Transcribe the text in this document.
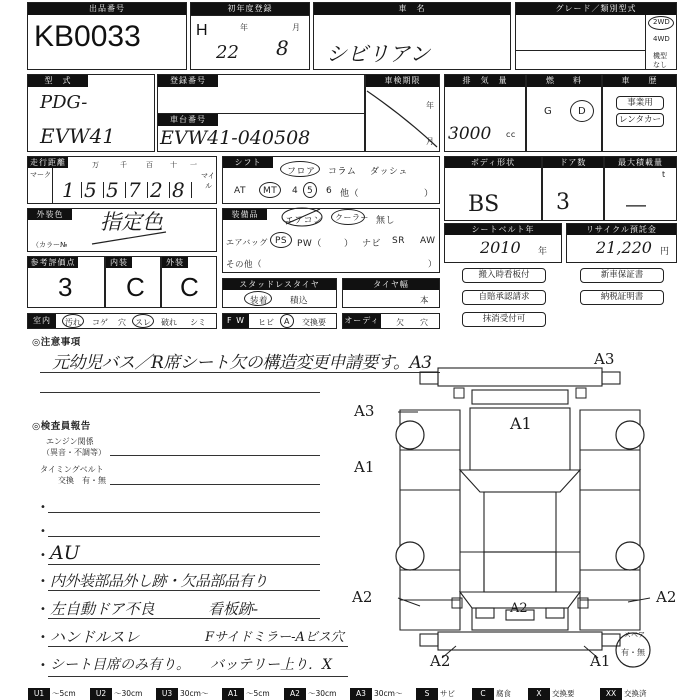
出品番号
KB0033
初年度登録
H	年	月
22 8
車　名
シビリアン
グレード／類別型式
2WD
4WD
機型
なし
型　式
PDG-
EVW41
登録番号
車台番号
EVW41-040508
車検期限
年
月
排　気　量
3000 cc
燃　　料
G	D
車　　歴
事業用
レンタカー
走行距離
マーク
万	千	百 十 一
マイ
ル
1 5 5 7 2 8
シフト
フロア コラム ダッシュ
AT MT 4 5 6 他（	）
ボディ形状
BS
ドア数
3
最大積載量
t
―
外装色	指定色
（カラー№
装備品
エアコン クーラー 無し
エアバッグ PS PW（ ） ナビ SR AW
その他（	）
シートベルト年
2010 年
リサイクル預託金
21,220 円
参考評価点
3
内装
C
外装
C	スタッドレスタイヤ
装着	積込
タイヤ幅
本
搬入時看板付	新車保証書
自賠承認請求	納税証明書
抹消受付可
室内	汚れ コゲ 穴 スレ 破れ シミ	F W	ヒビ A 交換要 オーディオ
欠 穴
◎注意事項
元幼児バス／R席シート欠の構造変更申請要す。A3
◎検査員報告
エンジン関係
（異音・不調等）
タイミングベルト
交換　有・無
•
•
• AU
• 内外装部品外し跡・欠品部品有り
• 左自動ドア不良	看板跡-
• ハンドルスレ	Fサイドミラー-Aビス穴
• シート目席のみ有り。 バッテリー上り．X
A3
A3
A1
A1
A2
A2
A2
A2	A1
スペア
有・無
U1	〜5cm	U2	〜30cm	U3	30cm〜	A1	〜5cm	A2	〜30cm	A3	30cm〜	S	サビ	C	腐食	X	交換要	XX	交換済
